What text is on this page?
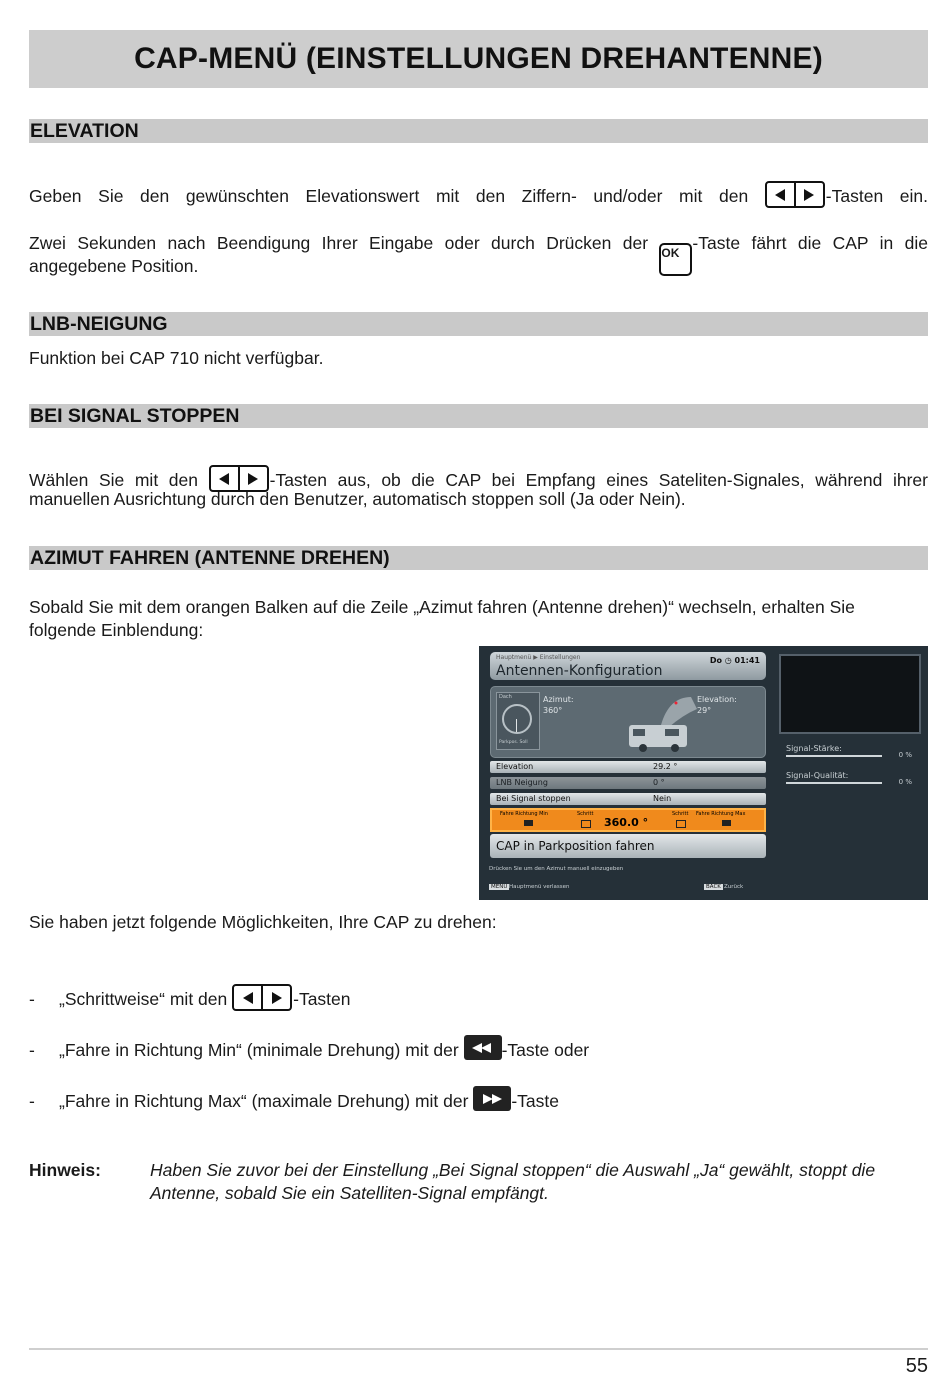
CAP-MENÜ (EINSTELLUNGEN DREHANTENNE)
ELEVATION

Geben Sie den gewünschten Elevationswert mit den Ziffern- und/oder mit den	-Tasten ein.

Zwei Sekunden nach Beendigung Ihrer Eingabe oder durch Drücken der OK -Taste fährt die CAP in die

angegebene Position.

LNB-NEIGUNG

Funktion bei CAP 710 nicht verfügbar.

BEI SIGNAL STOPPEN

Wählen Sie mit den	-Tasten aus, ob die CAP bei Empfang eines Sateliten-Signales, während ihrer

manuellen Ausrichtung durch den Benutzer, automatisch stoppen soll (Ja oder Nein).

AZIMUT FAHREN (ANTENNE DREHEN)

Sobald Sie mit dem orangen Balken auf die Zeile „Azimut fahren (Antenne drehen)“ wechseln, erhalten Sie

folgende Einblendung:

Hauptmenü ▶ Einstellungen
Antennen-Konfiguration
Do ◷ 01:41
Dach
Parkpos. Soll
Azimut:
360°
Elevation:
29°
Elevation	29.2 °
LNB Neigung	0 °
Bei Signal stoppen	Nein
Fahre Richtung Min	Schritt	Schritt Fahre Richtung Max
360.0 °
CAP in Parkposition fahren
Drücken Sie um den Azimut manuell einzugeben
MENU Hauptmenü verlassen	BACK Zurück
Signal-Stärke:
0 %
Signal-Qualität:
0 %

Sie haben jetzt folgende Möglichkeiten, Ihre CAP zu drehen:

- „Schrittweise“ mit den	-Tasten

- „Fahre in Richtung Min“ (minimale Drehung) mit der -Taste oder

- „Fahre in Richtung Max“ (maximale Drehung) mit der -Taste

Hinweis:	Haben Sie zuvor bei der Einstellung „Bei Signal stoppen“ die Auswahl „Ja“ gewählt, stoppt die

Antenne, sobald Sie ein Satelliten-Signal empfängt.

55
